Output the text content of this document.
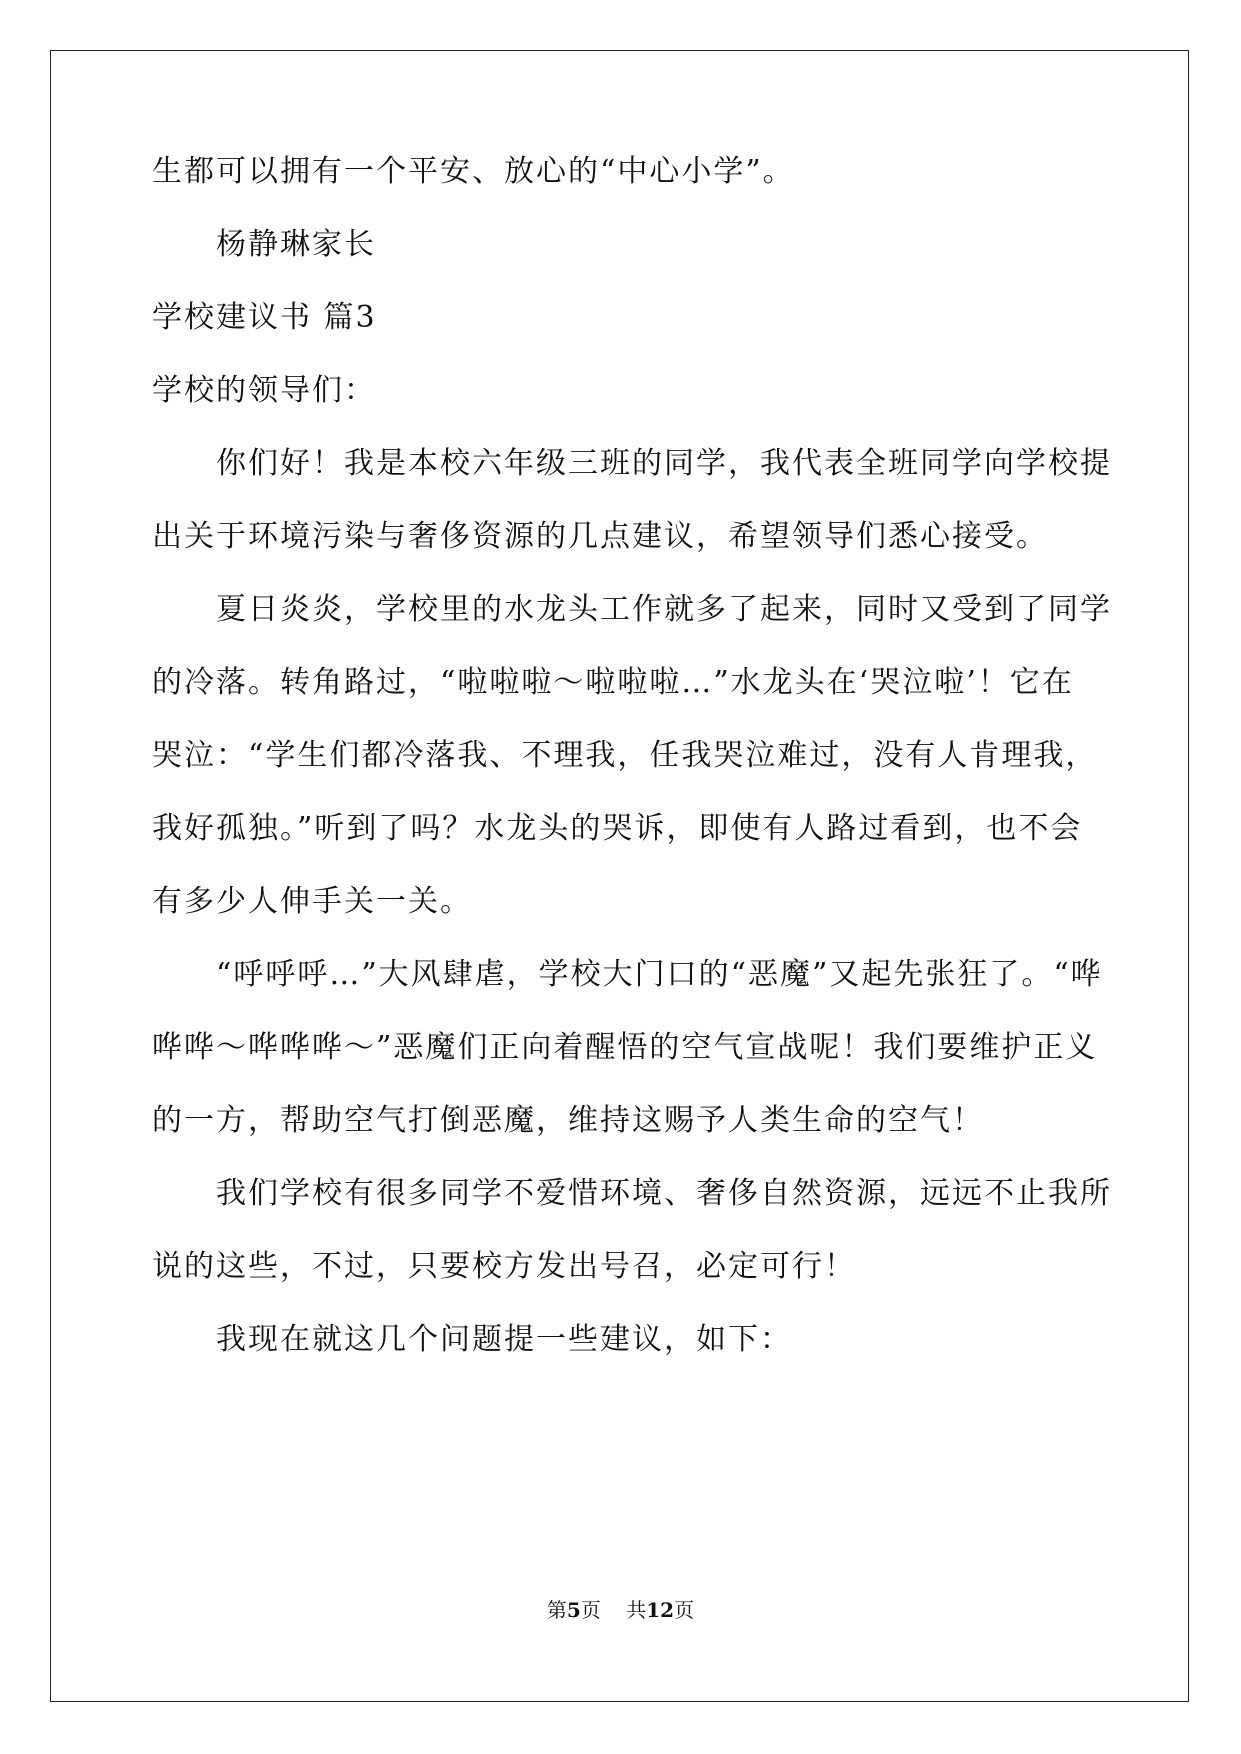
生都可以拥有一个平安、放心的“中心小学”。
杨静琳家长
学校建议书 篇3
学校的领导们：
你们好！我是本校六年级三班的同学，我代表全班同学向学校提
出关于环境污染与奢侈资源的几点建议，希望领导们悉心接受。
夏日炎炎，学校里的水龙头工作就多了起来，同时又受到了同学
的冷落。转角路过，“啦啦啦～啦啦啦…”水龙头在‘哭泣啦’！它在
哭泣：“学生们都冷落我、不理我，任我哭泣难过，没有人肯理我，
我好孤独。”听到了吗？水龙头的哭诉，即使有人路过看到，也不会
有多少人伸手关一关。
“呼呼呼…”大风肆虐，学校大门口的“恶魔”又起先张狂了。“哗
哗哗～哗哗哗～”恶魔们正向着醒悟的空气宣战呢！我们要维护正义
的一方，帮助空气打倒恶魔，维持这赐予人类生命的空气！
我们学校有很多同学不爱惜环境、奢侈自然资源，远远不止我所
说的这些，不过，只要校方发出号召，必定可行！
我现在就这几个问题提一些建议，如下：
第5页 共12页
